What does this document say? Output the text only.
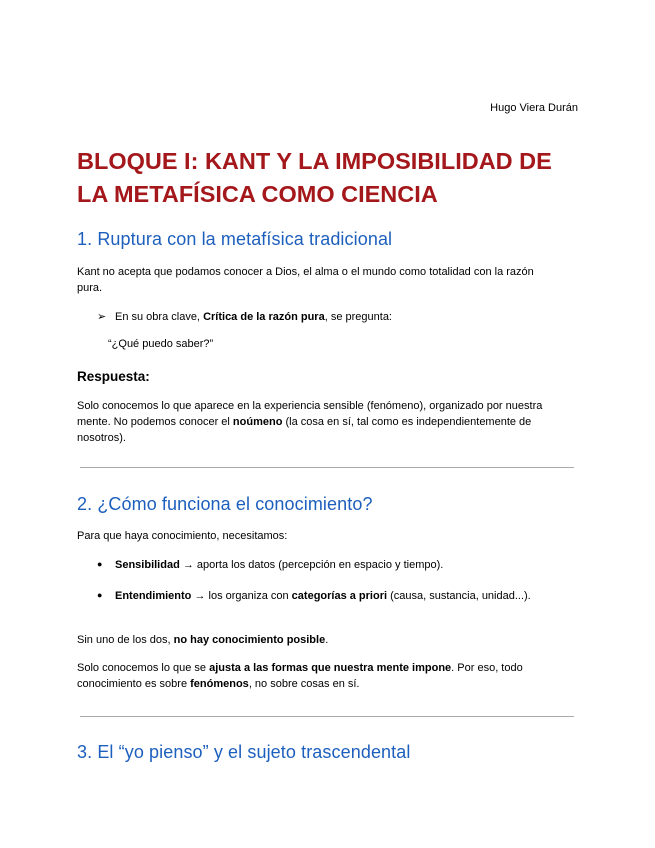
Hugo Viera Durán
BLOQUE I: KANT Y LA IMPOSIBILIDAD DE
LA METAFÍSICA COMO CIENCIA
1. Ruptura con la metafísica tradicional

Kant no acepta que podamos conocer a Dios, el alma o el mundo como totalidad con la razón
pura.

➢ En su obra clave, Crítica de la razón pura, se pregunta:
“¿Qué puedo saber?”
Respuesta:

Solo conocemos lo que aparece en la experiencia sensible (fenómeno), organizado por nuestra
mente. No podemos conocer el noúmeno (la cosa en sí, tal como es independientemente de
nosotros).

2. ¿Cómo funciona el conocimiento?

Para que haya conocimiento, necesitamos:

● Sensibilidad → aporta los datos (percepción en espacio y tiempo).
● Entendimiento → los organiza con categorías a priori (causa, sustancia, unidad...).

Sin uno de los dos, no hay conocimiento posible.

Solo conocemos lo que se ajusta a las formas que nuestra mente impone. Por eso, todo
conocimiento es sobre fenómenos, no sobre cosas en sí.

3. El “yo pienso” y el sujeto trascendental
